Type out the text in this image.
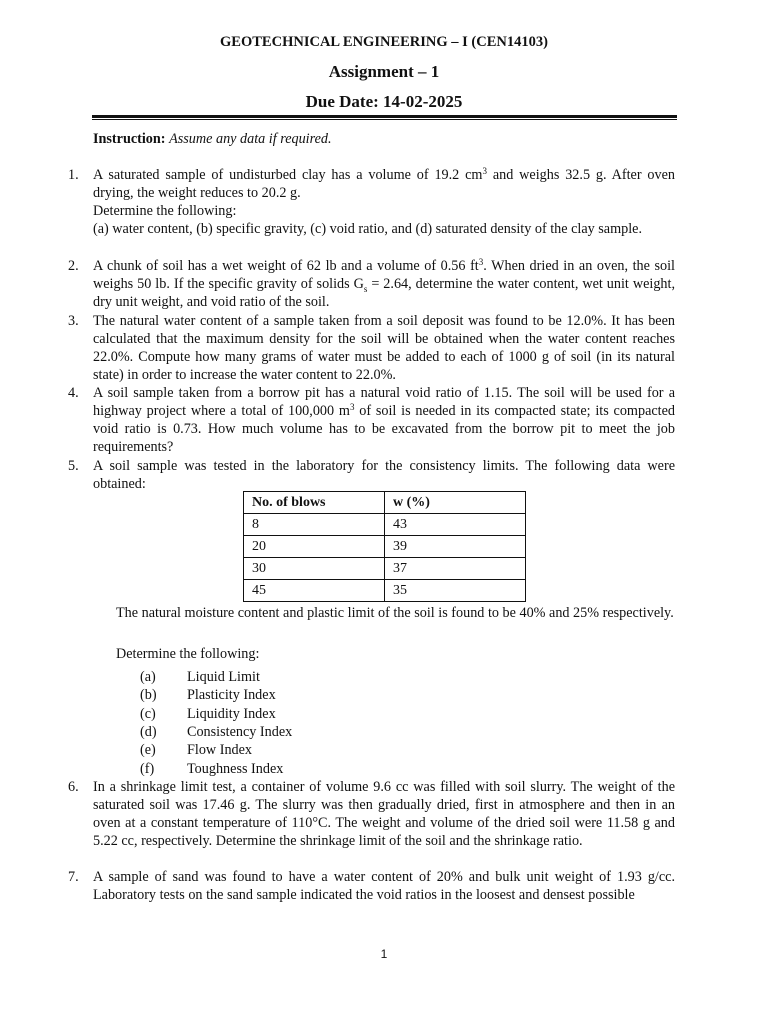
GEOTECHNICAL ENGINEERING – I (CEN14103)
Assignment – 1
Due Date: 14-02-2025
Instruction: Assume any data if required.
1. A saturated sample of undisturbed clay has a volume of 19.2 $cm^3$ and weighs 32.5 g. After oven drying, the weight reduces to 20.2 g.
Determine the following:
(a) water content, (b) specific gravity, (c) void ratio, and (d) saturated density of the clay sample.
2. A chunk of soil has a wet weight of 62 lb and a volume of 0.56 $ft^3$. When dried in an oven, the soil weighs 50 lb. If the specific gravity of solids $G_s = 2.64$, determine the water content, wet unit weight, dry unit weight, and void ratio of the soil.
3. The natural water content of a sample taken from a soil deposit was found to be 12.0%. It has been calculated that the maximum density for the soil will be obtained when the water content reaches 22.0%. Compute how many grams of water must be added to each of 1000 g of soil (in its natural state) in order to increase the water content to 22.0%.
4. A soil sample taken from a borrow pit has a natural void ratio of 1.15. The soil will be used for a highway project where a total of 100,000 $m^3$ of soil is needed in its compacted state; its compacted void ratio is 0.73. How much volume has to be excavated from the borrow pit to meet the job requirements?
5. A soil sample was tested in the laboratory for the consistency limits. The following data were obtained:
No. of blows	w (%)
8	43
20	39
30	37
45	35
The natural moisture content and plastic limit of the soil is found to be 40% and 25% respectively.
Determine the following:
(a) Liquid Limit
(b) Plasticity Index
(c) Liquidity Index
(d) Consistency Index
(e) Flow Index
(f) Toughness Index
6. In a shrinkage limit test, a container of volume 9.6 cc was filled with soil slurry. The weight of the saturated soil was 17.46 g. The slurry was then gradually dried, first in atmosphere and then in an oven at a constant temperature of 110°C. The weight and volume of the dried soil were 11.58 g and 5.22 cc, respectively. Determine the shrinkage limit of the soil and the shrinkage ratio.
7. A sample of sand was found to have a water content of 20% and bulk unit weight of 1.93 g/cc. Laboratory tests on the sand sample indicated the void ratios in the loosest and densest possible
1
